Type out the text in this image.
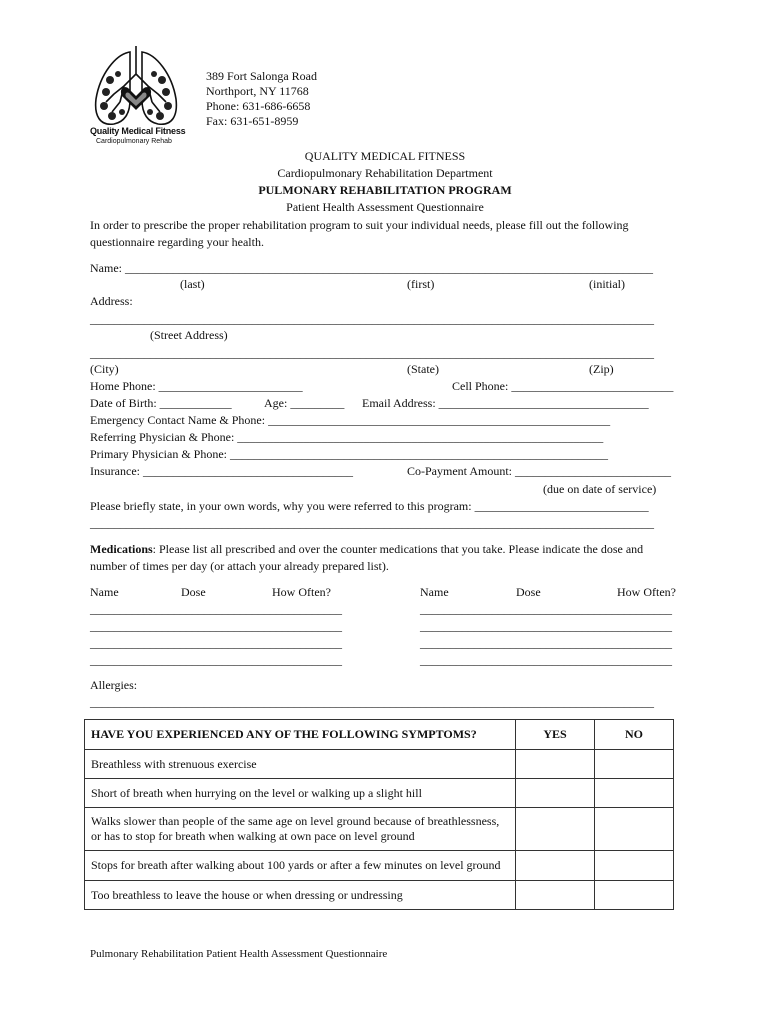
Quality Medical Fitness
Cardiopulmonary Rehab
389 Fort Salonga Road
Northport, NY 11768
Phone: 631-686-6658
Fax: 631-651-8959
QUALITY MEDICAL FITNESS
Cardiopulmonary Rehabilitation Department
PULMONARY REHABILITATION PROGRAM
Patient Health Assessment Questionnaire
In order to prescribe the proper rehabilitation program to suit your individual needs, please fill out the following
questionnaire regarding your health.
Name: ________________________________________________________________________________________
(last)	(first)	(initial)
Address:
______________________________________________________________________________________________
(Street Address)
______________________________________________________________________________________________
(City)	(State)	(Zip)
Home Phone: ________________________	Cell Phone: ___________________________
Date of Birth: ____________	Age: _________ Email Address: ___________________________________
Emergency Contact Name & Phone: _________________________________________________________
Referring Physician & Phone: _____________________________________________________________
Primary Physician & Phone: _______________________________________________________________
Insurance: ___________________________________	Co-Payment Amount: __________________________
(due on date of service)
Please briefly state, in your own words, why you were referred to this program: _____________________________
______________________________________________________________________________________________
Medications: Please list all prescribed and over the counter medications that you take. Please indicate the dose and
number of times per day (or attach your already prepared list).
Name	Dose	How Often?	Name	Dose	How Often?
__________________________________________
__________________________________________
__________________________________________
__________________________________________
__________________________________________
__________________________________________
__________________________________________
__________________________________________
Allergies:
______________________________________________________________________________________________
HAVE YOU EXPERIENCED ANY OF THE FOLLOWING SYMPTOMS?	YES	NO
Breathless with strenuous exercise		
Short of breath when hurrying on the level or walking up a slight hill		

Walks slower than people of the same age on level ground because of breathlessness,
or has to stop for breath when walking at own pace on level ground		

Stops for breath after walking about 100 yards or after a few minutes on level ground		
Too breathless to leave the house or when dressing or undressing		
Pulmonary Rehabilitation Patient Health Assessment Questionnaire
